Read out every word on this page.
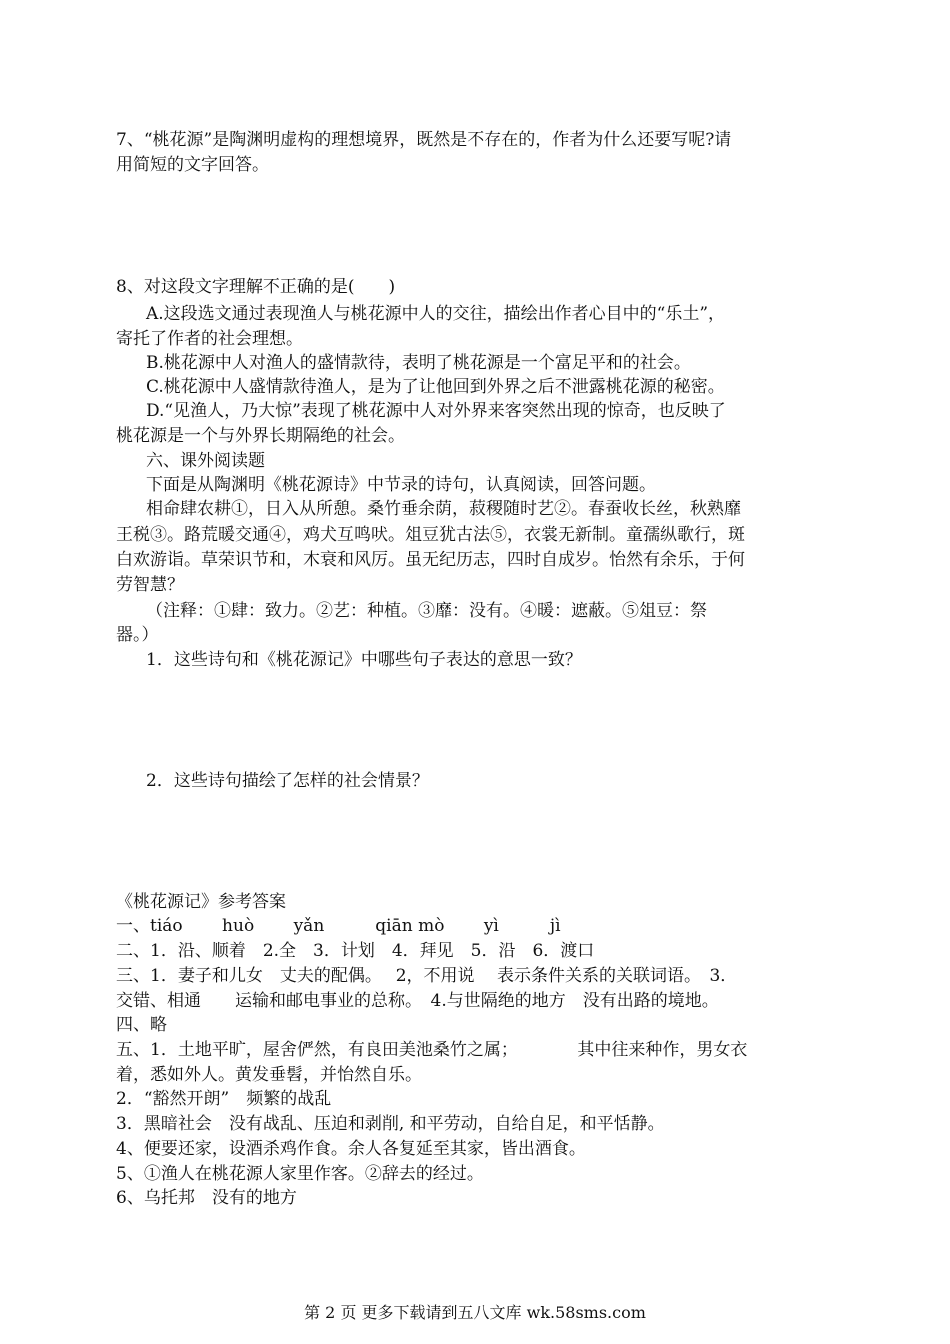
7、“桃花源”是陶渊明虚构的理想境界，既然是不存在的，作者为什么还要写呢?请
用简短的文字回答。
8、对这段文字理解不正确的是(　　)
A.这段选文通过表现渔人与桃花源中人的交往，描绘出作者心目中的“乐土”，
寄托了作者的社会理想。
B.桃花源中人对渔人的盛情款待，表明了桃花源是一个富足平和的社会。
C.桃花源中人盛情款待渔人，是为了让他回到外界之后不泄露桃花源的秘密。
D.“见渔人，乃大惊”表现了桃花源中人对外界来客突然出现的惊奇，也反映了
桃花源是一个与外界长期隔绝的社会。
六、课外阅读题
下面是从陶渊明《桃花源诗》中节录的诗句，认真阅读，回答问题。
相命肆农耕①，日入从所憩。桑竹垂余荫，菽稷随时艺②。春蚕收长丝，秋熟靡
王税③。路荒暖交通④，鸡犬互鸣吠。俎豆犹古法⑤，衣裳无新制。童孺纵歌行，斑
白欢游诣。草荣识节和，木衰和风厉。虽无纪历志，四时自成岁。怡然有余乐，于何
劳智慧？
（注释：①肆：致力。②艺：种植。③靡：没有。④暖：遮蔽。⑤俎豆：祭
器。）
1．这些诗句和《桃花源记》中哪些句子表达的意思一致？
2．这些诗句描绘了怎样的社会情景？
《桃花源记》参考答案
一、tiáo　　 huò　　 yǎn　　　qiān mò　　 yì　　　jì
二、1．沿、顺着　2.全　3．计划　4．拜见　5．沿　6．渡口
三、1．妻子和儿女　丈夫的配偶。　 2，不用说　 表示条件关系的关联词语。　3．
交错、相通　　运输和邮电事业的总称。　4.与世隔绝的地方　没有出路的境地。
四、略
五、1．土地平旷，屋舍俨然，有良田美池桑竹之属；　　　　其中往来种作，男女衣
着，悉如外人。黄发垂髫，并怡然自乐。
2．“豁然开朗”　频繁的战乱
3．黑暗社会　没有战乱、压迫和剥削, 和平劳动，自给自足，和平恬静。
4、便要还家，设酒杀鸡作食。余人各复延至其家，皆出酒食。
5、①渔人在桃花源人家里作客。②辞去的经过。
6、乌托邦　没有的地方
第 2 页 更多下载请到五八文库 wk.58sms.com
